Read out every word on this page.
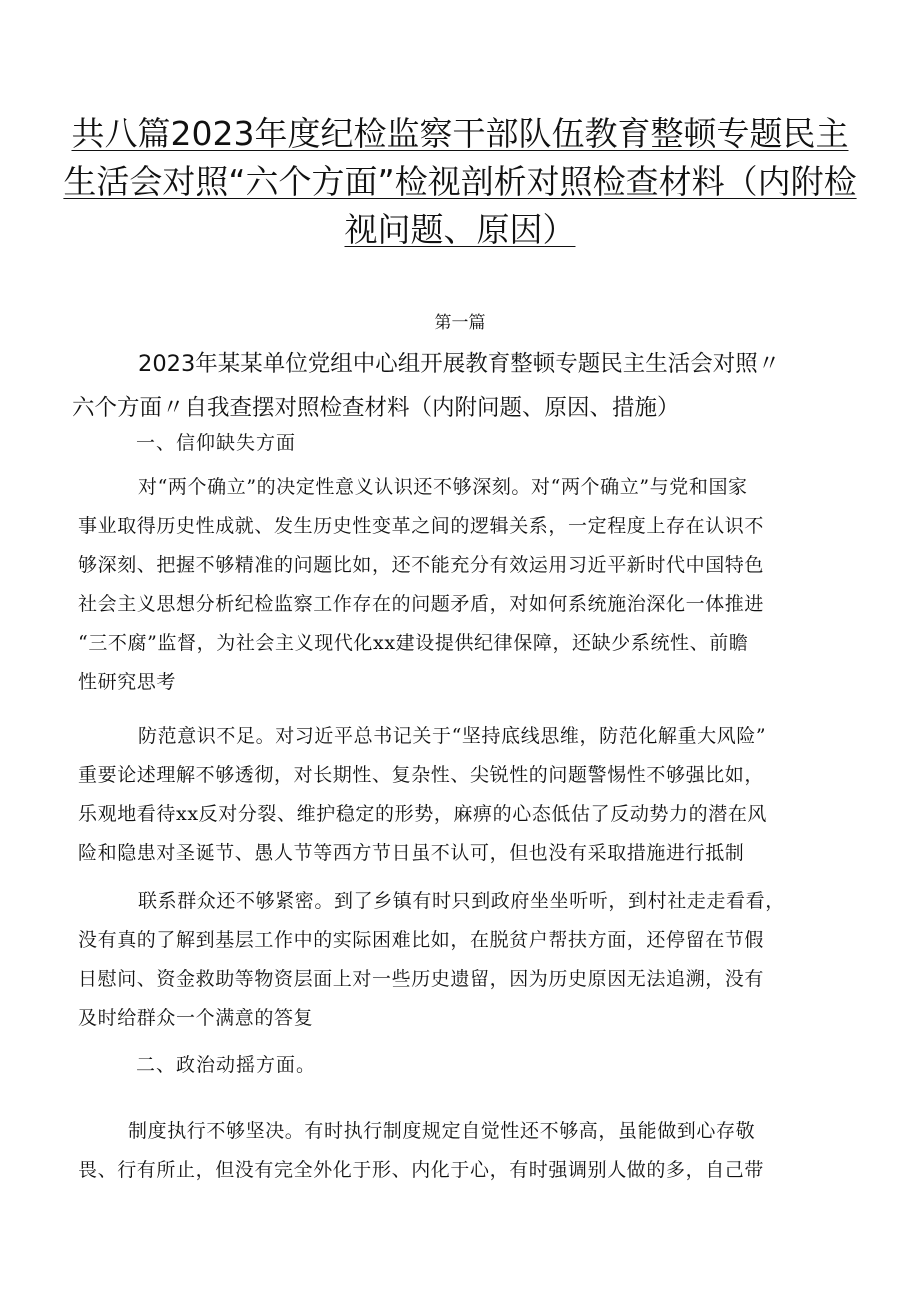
共八篇2023年度纪检监察干部队伍教育整顿专题民主
生活会对照“六个方面”检视剖析对照检查材料（内附检
视问题、原因）
第一篇
2023年某某单位党组中心组开展教育整顿专题民主生活会对照〃
六个方面〃自我查摆对照检查材料（内附问题、原因、措施）
一、信仰缺失方面
对“两个确立”的决定性意义认识还不够深刻。对“两个确立”与党和国家
事业取得历史性成就、发生历史性变革之间的逻辑关系，一定程度上存在认识不
够深刻、把握不够精准的问题比如，还不能充分有效运用习近平新时代中国特色
社会主义思想分析纪检监察工作存在的问题矛盾，对如何系统施治深化一体推进
“三不腐”监督，为社会主义现代化xx建设提供纪律保障，还缺少系统性、前瞻
性研究思考
防范意识不足。对习近平总书记关于“坚持底线思维，防范化解重大风险”
重要论述理解不够透彻，对长期性、复杂性、尖锐性的问题警惕性不够强比如，
乐观地看待xx反对分裂、维护稳定的形势，麻痹的心态低估了反动势力的潜在风
险和隐患对圣诞节、愚人节等西方节日虽不认可，但也没有采取措施进行抵制
联系群众还不够紧密。到了乡镇有时只到政府坐坐听听，到村社走走看看，
没有真的了解到基层工作中的实际困难比如，在脱贫户帮扶方面，还停留在节假
日慰问、资金救助等物资层面上对一些历史遗留，因为历史原因无法追溯，没有
及时给群众一个满意的答复
二、政治动摇方面。
制度执行不够坚决。有时执行制度规定自觉性还不够高，虽能做到心存敬
畏、行有所止，但没有完全外化于形、内化于心，有时强调别人做的多，自己带
